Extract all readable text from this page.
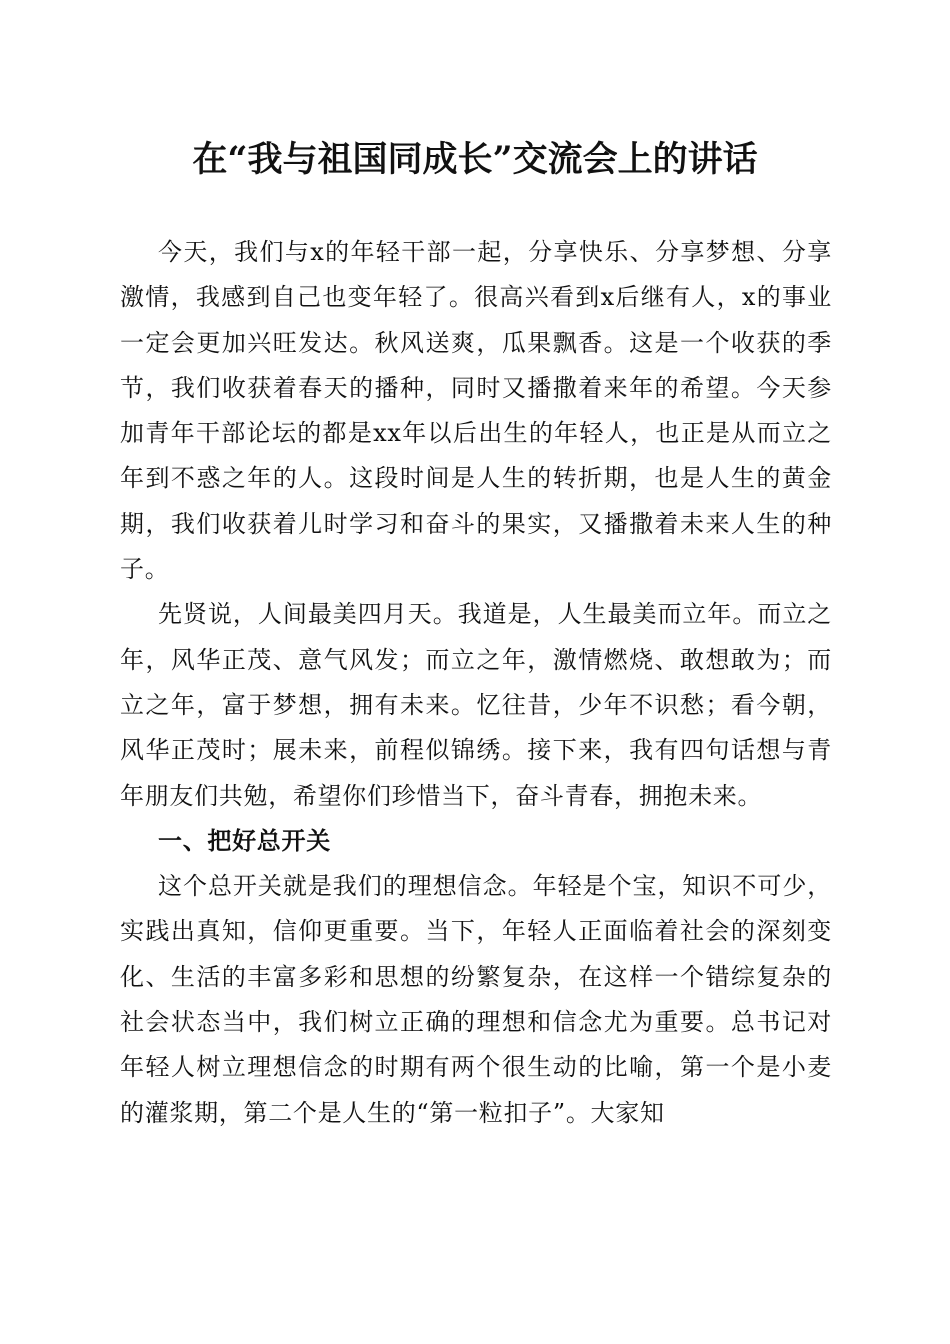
在“我与祖国同成长”交流会上的讲话

今天，我们与x的年轻干部一起，分享快乐、分享梦想、分享激情，我感到自己也变年轻了。很高兴看到x后继有人，x的事业一定会更加兴旺发达。秋风送爽，瓜果飘香。这是一个收获的季节，我们收获着春天的播种，同时又播撒着来年的希望。今天参加青年干部论坛的都是xx年以后出生的年轻人，也正是从而立之年到不惑之年的人。这段时间是人生的转折期，也是人生的黄金期，我们收获着儿时学习和奋斗的果实，又播撒着未来人生的种子。

先贤说，人间最美四月天。我道是，人生最美而立年。而立之年，风华正茂、意气风发；而立之年，激情燃烧、敢想敢为；而立之年，富于梦想，拥有未来。忆往昔，少年不识愁；看今朝，风华正茂时；展未来，前程似锦绣。接下来，我有四句话想与青年朋友们共勉，希望你们珍惜当下，奋斗青春，拥抱未来。

一、把好总开关

这个总开关就是我们的理想信念。年轻是个宝，知识不可少，实践出真知，信仰更重要。当下，年轻人正面临着社会的深刻变化、生活的丰富多彩和思想的纷繁复杂，在这样一个错综复杂的社会状态当中，我们树立正确的理想和信念尤为重要。总书记对年轻人树立理想信念的时期有两个很生动的比喻，第一个是小麦的灌浆期，第二个是人生的“第一粒扣子”。大家知
